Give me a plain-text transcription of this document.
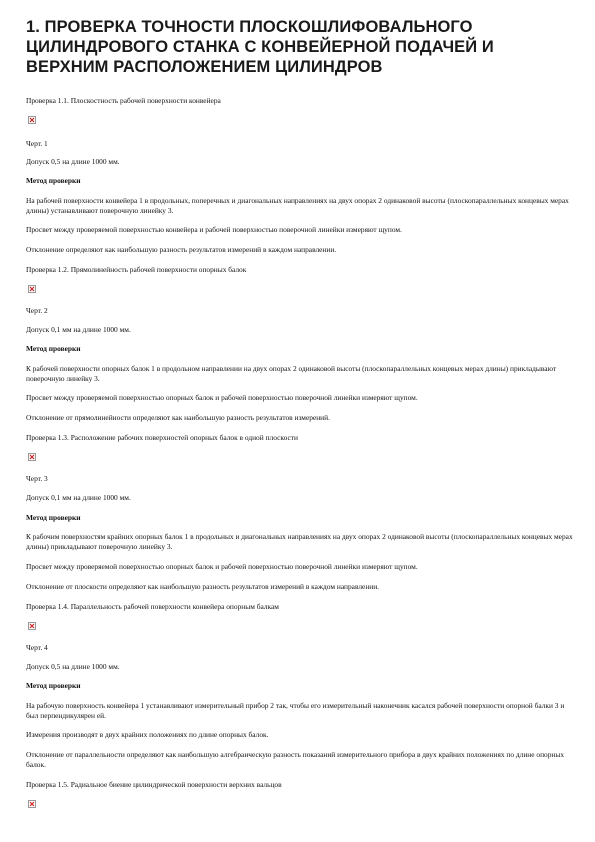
1. ПРОВЕРКА ТОЧНОСТИ ПЛОСКОШЛИФОВАЛЬНОГО ЦИЛИНДРОВОГО СТАНКА С КОНВЕЙЕРНОЙ ПОДАЧЕЙ И ВЕРХНИМ РАСПОЛОЖЕНИЕМ ЦИЛИНДРОВ

Проверка 1.1. Плоскостность рабочей поверхности конвейера

Черт. 1

Допуск 0,5 на длине 1000 мм.

Метод проверки

На рабочей поверхности конвейера 1 в продольных, поперечных и диагональных направлениях на двух опорах 2 одинаковой высоты (плоскопараллельных концевых мерах длины) устанавливают поверочную линейку 3.

Просвет между проверяемой поверхностью конвейера и рабочей поверхностью поверочной линейки измеряют щупом.

Отклонение определяют как наибольшую разность результатов измерений в каждом направлении.

Проверка 1.2. Прямолинейность рабочей поверхности опорных балок

Черт. 2

Допуск 0,1 мм на длине 1000 мм.

Метод проверки

К рабочей поверхности опорных балок 1 в продольном направлении на двух опорах 2 одинаковой высоты (плоскопараллельных концевых мерах длины) прикладывают поверочную линейку 3.

Просвет между проверяемой поверхностью опорных балок и рабочей поверхностью поверочной линейки измеряют щупом.

Отклонение от прямолинейности определяют как наибольшую разность результатов измерений.

Проверка 1.3. Расположение рабочих поверхностей опорных балок в одной плоскости

Черт. 3

Допуск 0,1 мм на длине 1000 мм.

Метод проверки

К рабочим поверхностям крайних опорных балок 1 в продольных и диагональных направлениях на двух опорах 2 одинаковой высоты (плоскопараллельных концевых мерах длины) прикладывают поверочную линейку 3.

Просвет между проверяемой поверхностью опорных балок и рабочей поверхностью поверочной линейки измеряют щупом.

Отклонение от плоскости определяют как наибольшую разность результатов измерений в каждом направлении.

Проверка 1.4. Параллельность рабочей поверхности конвейера опорным балкам

Черт. 4

Допуск 0,5 на длине 1000 мм.

Метод проверки

На рабочую поверхность конвейера 1 устанавливают измерительный прибор 2 так, чтобы его измерительный наконечник касался рабочей поверхности опорной балки 3 и был перпендикулярен ей.

Измерения производят в двух крайних положениях по длине опорных балок.

Отклонение от параллельности определяют как наибольшую алгебраическую разность показаний измерительного прибора в двух крайних положениях по длине опорных балок.

Проверка 1.5. Радиальное биение цилиндрической поверхности верхних вальцов
